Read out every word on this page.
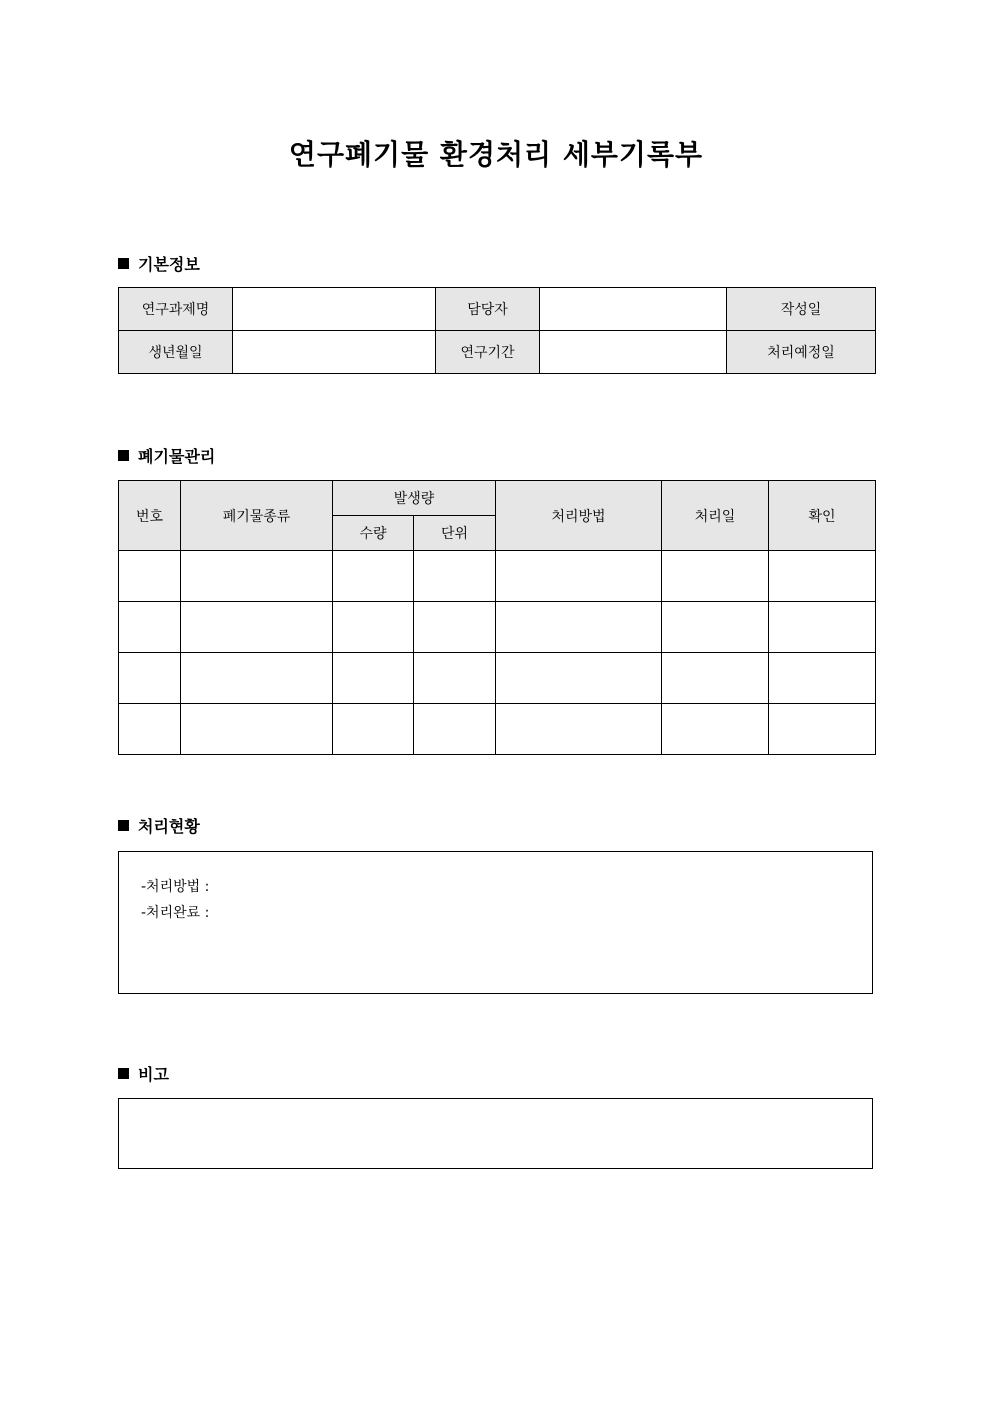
연구폐기물 환경처리 세부기록부
기본정보
연구과제명		담당자		작성일
생년월일		연구기간		처리예정일
폐기물관리
번호	폐기물종류	발생량		처리방법	처리일	확인
		수량	단위			

처리현황
-처리방법 :
-처리완료 :
비고
